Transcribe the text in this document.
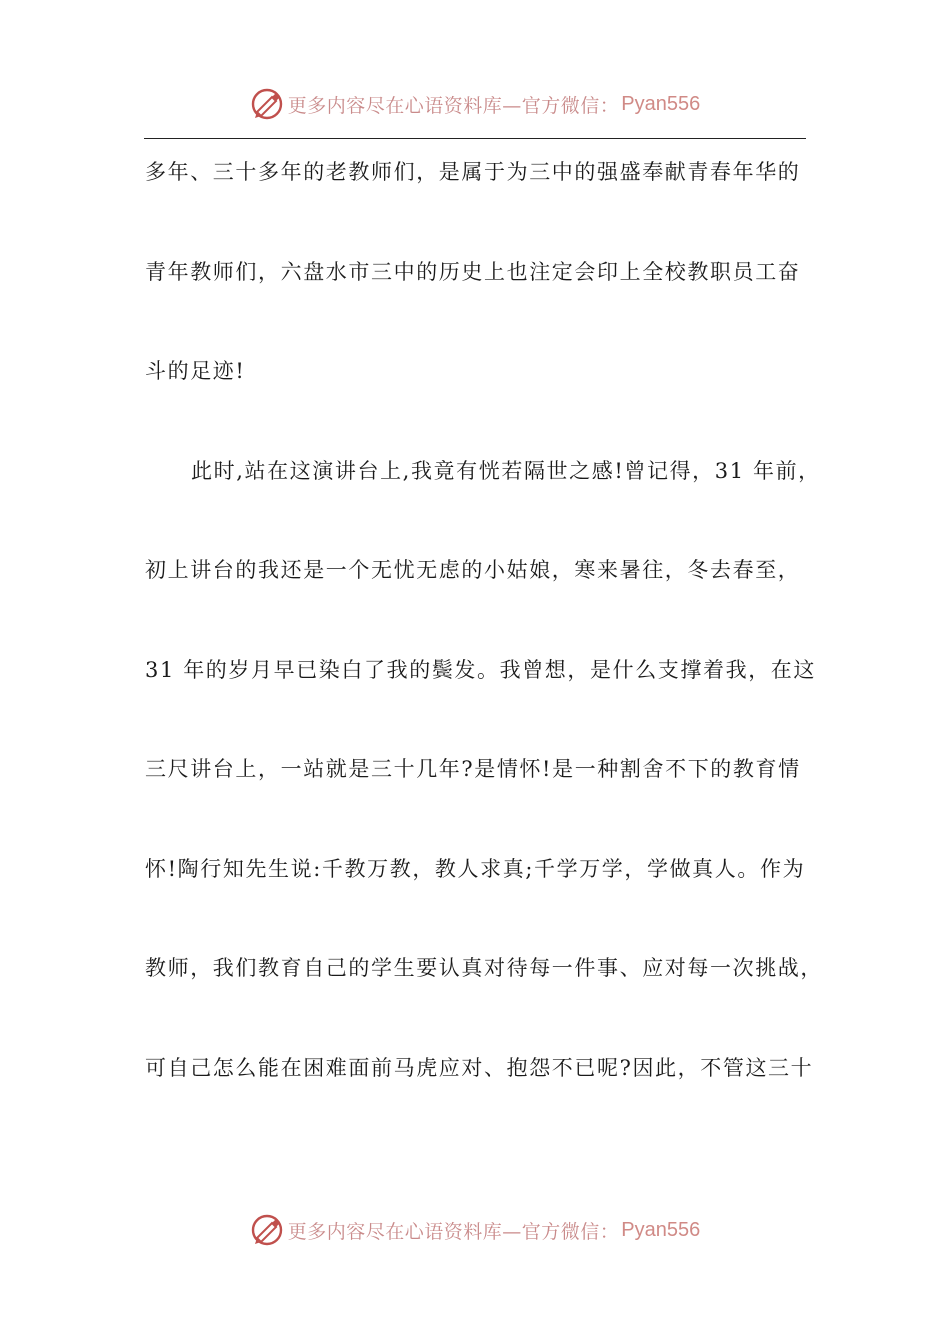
更多内容尽在心语资料库—官方微信： Pyan556
多年、三十多年的老教师们，是属于为三中的强盛奉献青春年华的
青年教师们，六盘水市三中的历史上也注定会印上全校教职员工奋
斗的足迹!
此时,站在这演讲台上,我竟有恍若隔世之感!曾记得，31 年前，
初上讲台的我还是一个无忧无虑的小姑娘，寒来暑往，冬去春至，
31 年的岁月早已染白了我的鬓发。我曾想，是什么支撑着我，在这
三尺讲台上，一站就是三十几年?是情怀!是一种割舍不下的教育情
怀!陶行知先生说:千教万教，教人求真;千学万学，学做真人。作为
教师，我们教育自己的学生要认真对待每一件事、应对每一次挑战，
可自己怎么能在困难面前马虎应对、抱怨不已呢?因此，不管这三十
更多内容尽在心语资料库—官方微信： Pyan556
